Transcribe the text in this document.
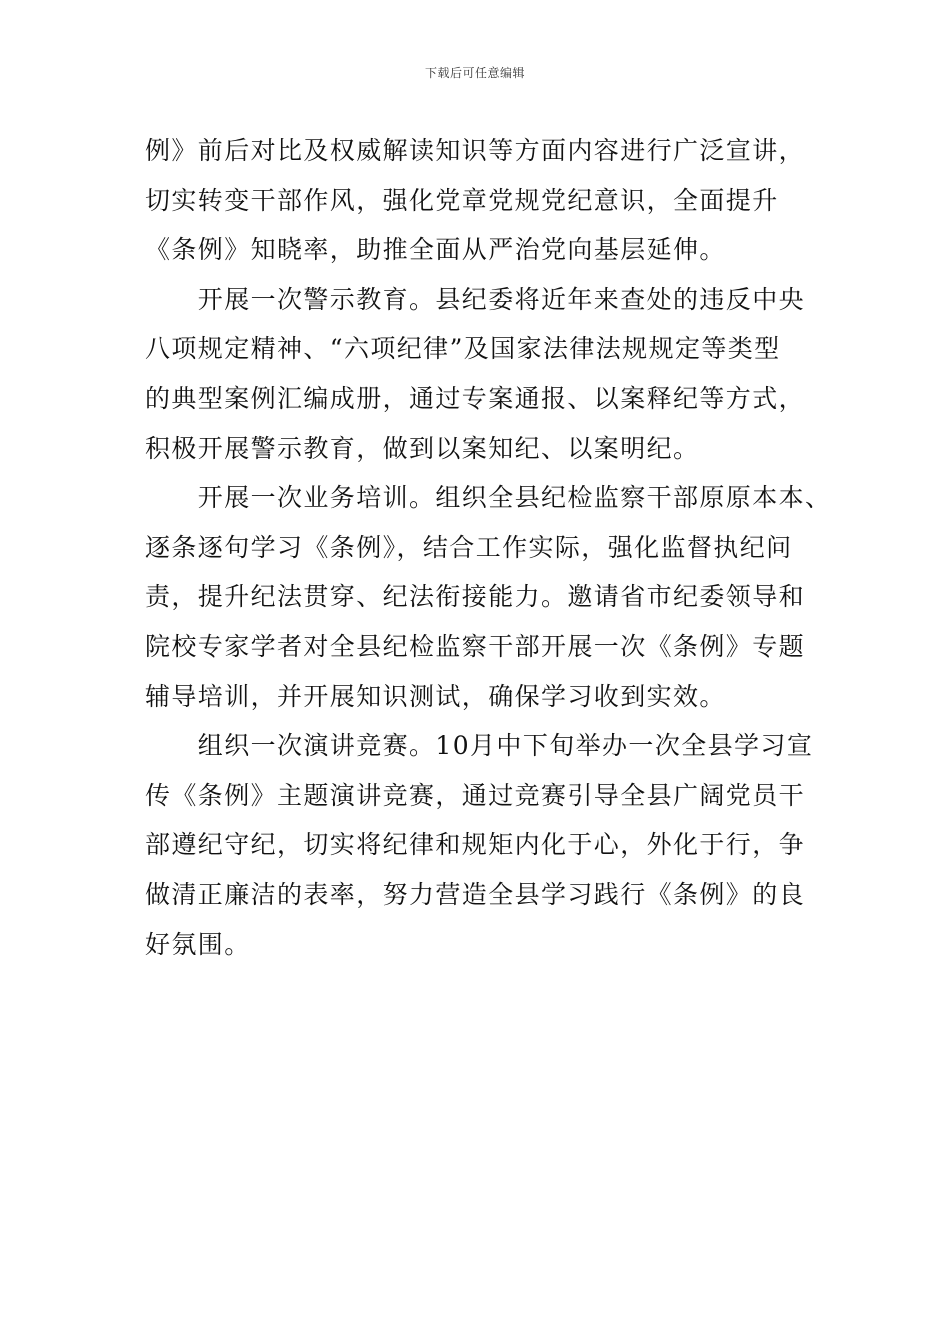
下载后可任意编辑
例》前后对比及权威解读知识等方面内容进行广泛宣讲，
切实转变干部作风，强化党章党规党纪意识，全面提升
《条例》知晓率，助推全面从严治党向基层延伸。
　　开展一次警示教育。县纪委将近年来查处的违反中央
八项规定精神、“六项纪律”及国家法律法规规定等类型
的典型案例汇编成册，通过专案通报、以案释纪等方式，
积极开展警示教育，做到以案知纪、以案明纪。
　　开展一次业务培训。组织全县纪检监察干部原原本本、
逐条逐句学习《条例》，结合工作实际，强化监督执纪问
责，提升纪法贯穿、纪法衔接能力。邀请省市纪委领导和
院校专家学者对全县纪检监察干部开展一次《条例》专题
辅导培训，并开展知识测试，确保学习收到实效。
　　组织一次演讲竞赛。10月中下旬举办一次全县学习宣
传《条例》主题演讲竞赛，通过竞赛引导全县广阔党员干
部遵纪守纪，切实将纪律和规矩内化于心，外化于行，争
做清正廉洁的表率，努力营造全县学习践行《条例》的良
好氛围。
